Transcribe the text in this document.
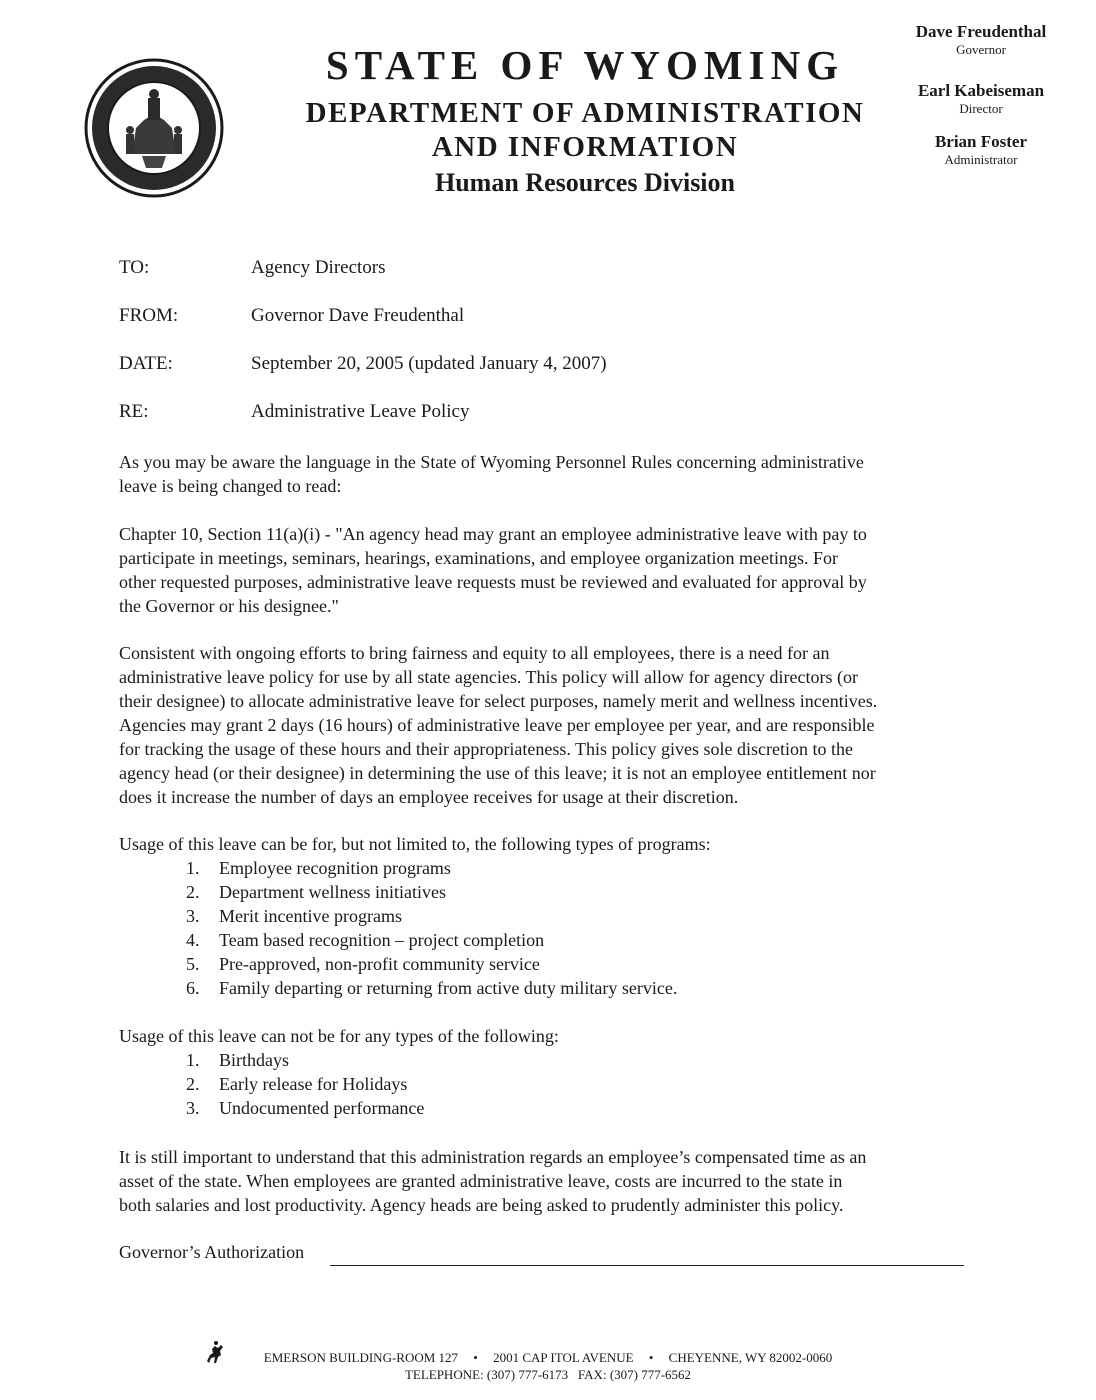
STATE OF WYOMING
DEPARTMENT OF ADMINISTRATION
AND INFORMATION
Human Resources Division
Dave Freudenthal
Governor
Earl Kabeiseman
Director
Brian Foster
Administrator
TO:	Agency Directors
FROM:	Governor Dave Freudenthal
DATE:	September 20, 2005 (updated January 4, 2007)
RE:	Administrative Leave Policy

As you may be aware the language in the State of Wyoming Personnel Rules concerning administrative
leave is being changed to read:

Chapter 10, Section 11(a)(i) - "An agency head may grant an employee administrative leave with pay to
participate in meetings, seminars, hearings, examinations, and employee organization meetings. For
other requested purposes, administrative leave requests must be reviewed and evaluated for approval by
the Governor or his designee."

Consistent with ongoing efforts to bring fairness and equity to all employees, there is a need for an
administrative leave policy for use by all state agencies. This policy will allow for agency directors (or
their designee) to allocate administrative leave for select purposes, namely merit and wellness incentives.
Agencies may grant 2 days (16 hours) of administrative leave per employee per year, and are responsible
for tracking the usage of these hours and their appropriateness. This policy gives sole discretion to the
agency head (or their designee) in determining the use of this leave; it is not an employee entitlement nor
does it increase the number of days an employee receives for usage at their discretion.

Usage of this leave can be for, but not limited to, the following types of programs:

1. Employee recognition programs
2. Department wellness initiatives
3. Merit incentive programs
4. Team based recognition – project completion
5. Pre-approved, non-profit community service
6. Family departing or returning from active duty military service.

Usage of this leave can not be for any types of the following:

1. Birthdays
2. Early release for Holidays
3. Undocumented performance

It is still important to understand that this administration regards an employee’s compensated time as an
asset of the state. When employees are granted administrative leave, costs are incurred to the state in
both salaries and lost productivity. Agency heads are being asked to prudently administer this policy.

Governor’s Authorization
EMERSON BUILDING-ROOM 127 • 2001 CAP ITOL AVENUE • CHEYENNE, WY 82002-0060
TELEPHONE: (307) 777-6173 FAX: (307) 777-6562
